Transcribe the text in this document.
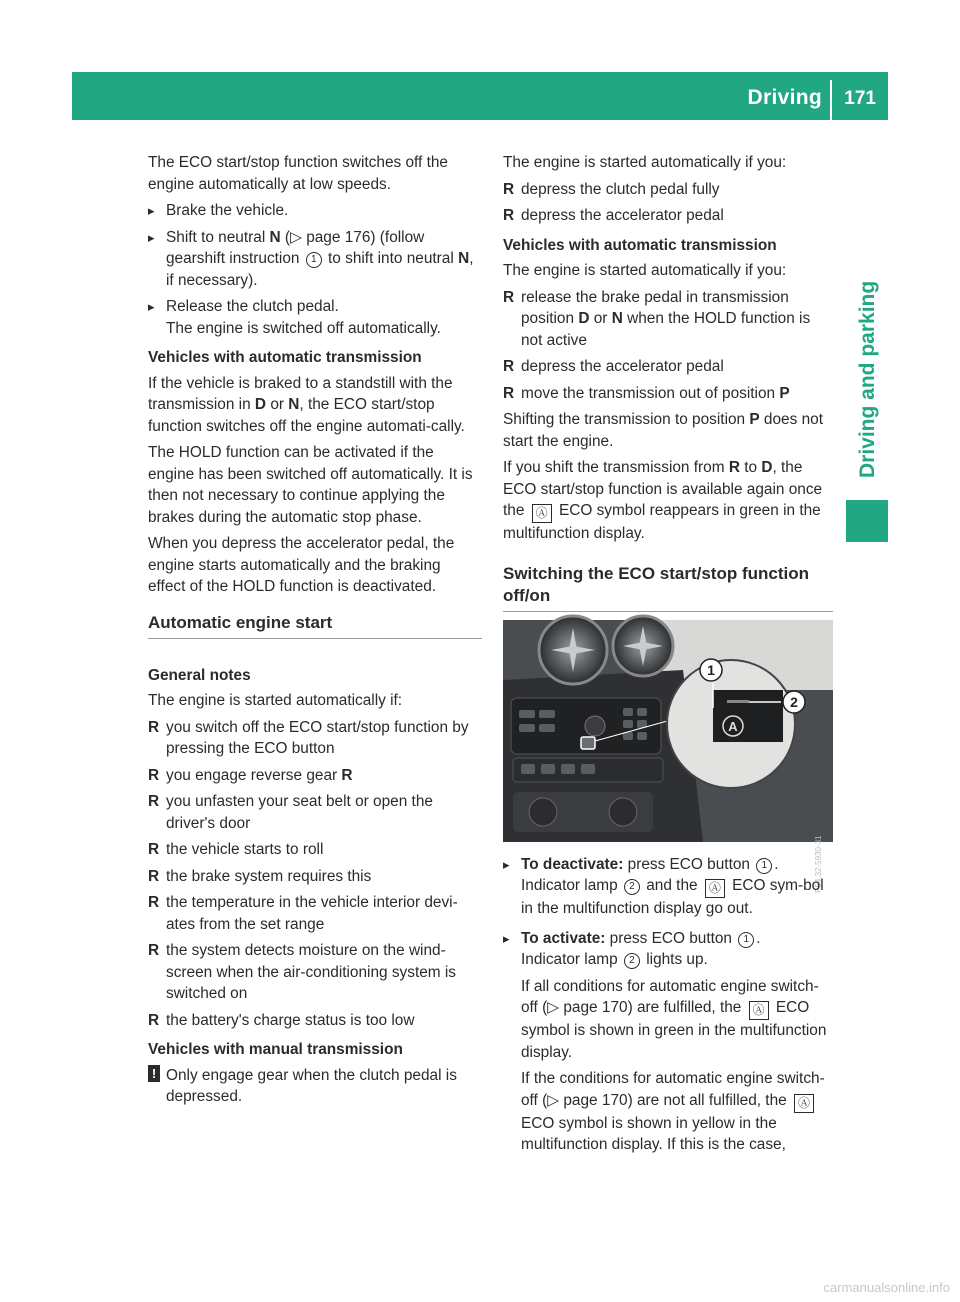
Driving 171
Driving and parking

The ECO start/stop function switches off the engine automatically at low speeds.

▸ Brake the vehicle.
▸ Shift to neutral N (▷ page 176) (follow gearshift instruction 1 to shift into neutral N, if necessary).
▸ Release the clutch pedal.
The engine is switched off automatically.
Vehicles with automatic transmission

If the vehicle is braked to a standstill with the transmission in D or N, the ECO start/stop function switches off the engine automati-cally.

The HOLD function can be activated if the engine has been switched off automatically. It is then not necessary to continue applying the brakes during the automatic stop phase.

When you depress the accelerator pedal, the engine starts automatically and the braking effect of the HOLD function is deactivated.

Automatic engine start
General notes

The engine is started automatically if:

R you switch off the ECO start/stop function by pressing the ECO button
R you engage reverse gear R
R you unfasten your seat belt or open the driver's door
R the vehicle starts to roll
R the brake system requires this
R the temperature in the vehicle interior devi-ates from the set range
R the system detects moisture on the wind-screen when the air-conditioning system is switched on
R the battery's charge status is too low
Vehicles with manual transmission
! Only engage gear when the clutch pedal is depressed.

The engine is started automatically if you:

R depress the clutch pedal fully
R depress the accelerator pedal
Vehicles with automatic transmission

The engine is started automatically if you:

R release the brake pedal in transmission position D or N when the HOLD function is not active
R depress the accelerator pedal
R move the transmission out of position P

Shifting the transmission to position P does not start the engine.

If you shift the transmission from R to D, the ECO start/stop function is available again once the Ⓐ ECO symbol reappears in green in the multifunction display.

Switching the ECO start/stop function off/on
1
2
A
P54.32-5930-31
▸ To deactivate: press ECO button 1 .
Indicator lamp 2 and the Ⓐ ECO sym-bol in the multifunction display go out.
▸ To activate: press ECO button 1 .
Indicator lamp 2 lights up.
If all conditions for automatic engine switch-off (▷ page 170) are fulfilled, the Ⓐ ECO symbol is shown in green in the multifunction display.
If the conditions for automatic engine switch-off (▷ page 170) are not all fulfilled, the Ⓐ ECO symbol is shown in yellow in the multifunction display. If this is the case,
carmanualsonline.info
